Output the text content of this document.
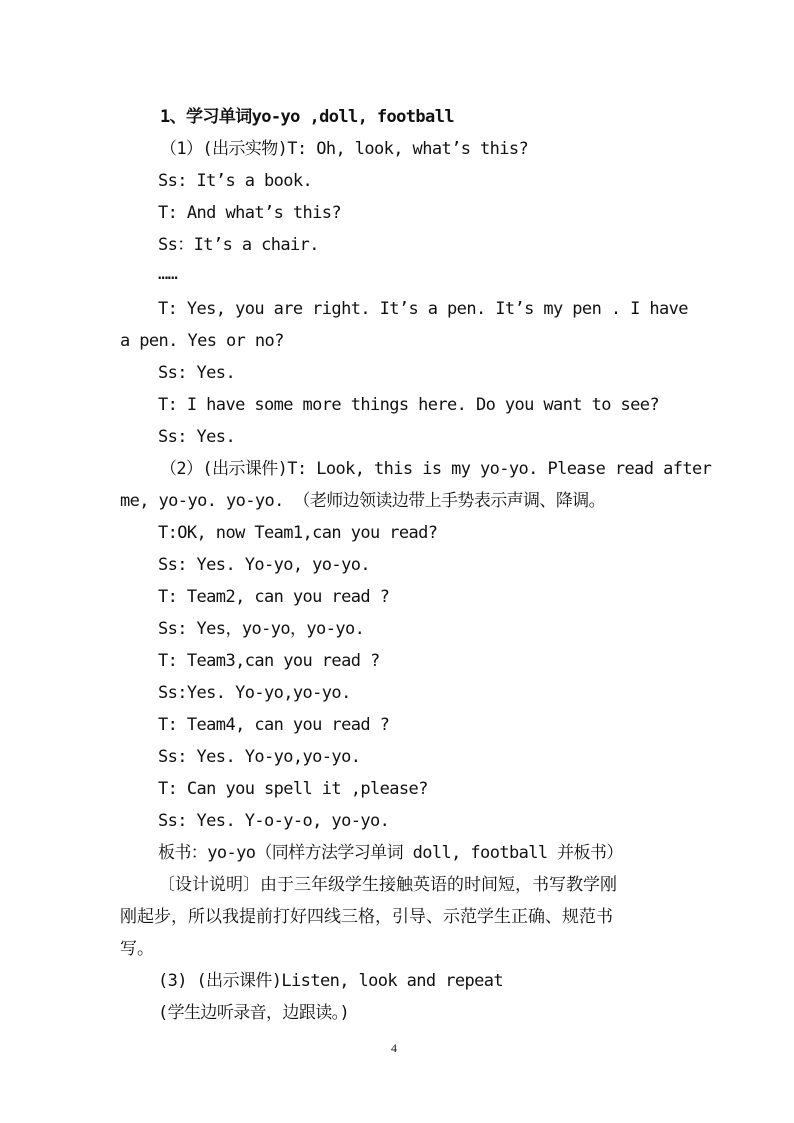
1、学习单词yo-yo ,doll, football
（1）(出示实物)T: Oh, look, what’s this?
Ss: It’s a book.
T: And what’s this?
Ss：It’s a chair.
……
T: Yes, you are right. It’s a pen. It’s my pen . I have
a pen. Yes or no?
Ss: Yes.
T: I have some more things here. Do you want to see?
Ss: Yes.
（2）(出示课件)T: Look, this is my yo-yo. Please read after
me, yo-yo. yo-yo. （老师边领读边带上手势表示声调、降调。
T:OK, now Team1,can you read?
Ss: Yes. Yo-yo, yo-yo.
T: Team2, can you read ?
Ss: Yes，yo-yo，yo-yo.
T: Team3,can you read ?
Ss:Yes. Yo-yo,yo-yo.
T: Team4, can you read ?
Ss: Yes. Yo-yo,yo-yo.
T: Can you spell it ,please?
Ss: Yes. Y-o-y-o, yo-yo.
板书：yo-yo（同样方法学习单词 doll, football 并板书）
〔设计说明〕由于三年级学生接触英语的时间短，书写教学刚
刚起步，所以我提前打好四线三格，引导、示范学生正确、规范书
写。
(3) (出示课件)Listen, look and repeat
(学生边听录音，边跟读。)
4
